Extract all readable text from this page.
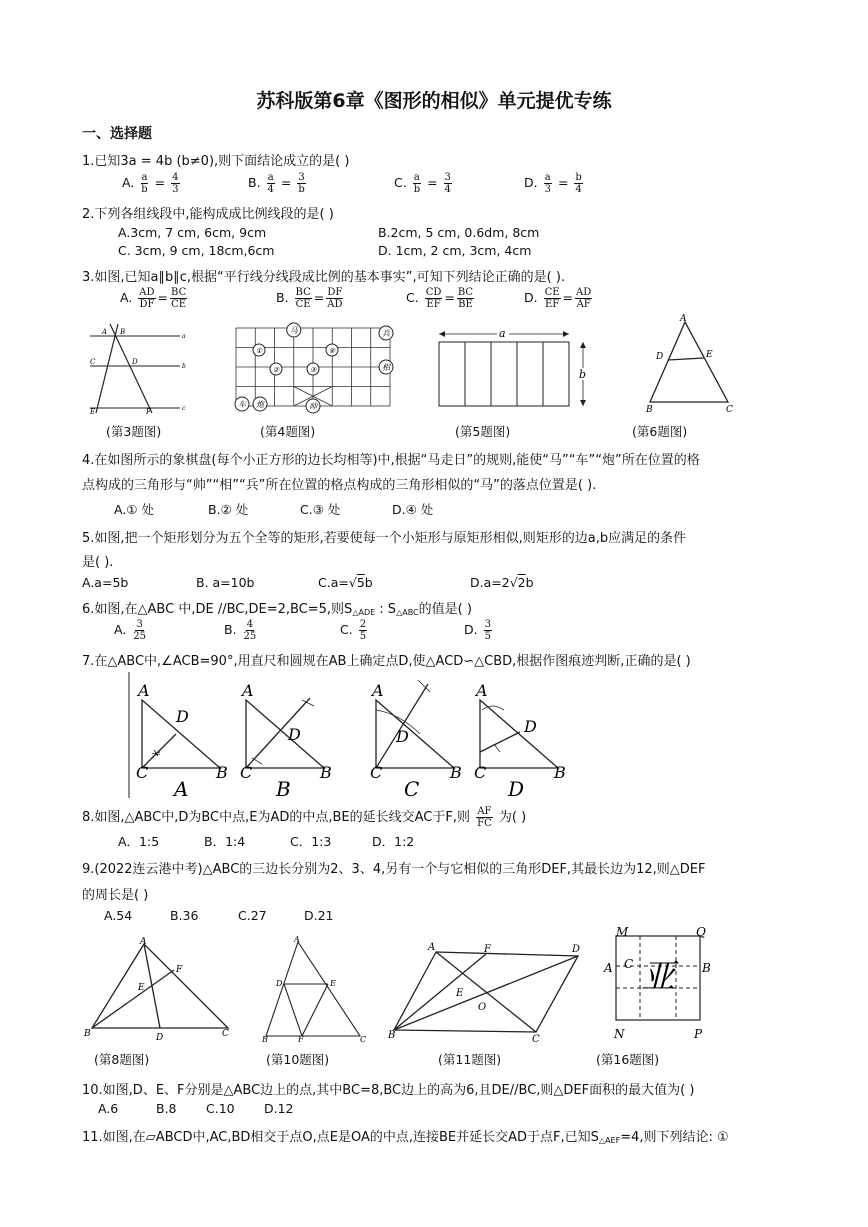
苏科版第6章《图形的相似》单元提优专练
一、选择题
1.已知3a = 4b (b≠0),则下面结论成立的是( )
A. $\frac{a}{b} = \frac{4}{3}$	B. $\frac{a}{4} = \frac{3}{b}$	C. $\frac{a}{b} = \frac{3}{4}$	D. $\frac{a}{3} = \frac{b}{4}$
2.下列各组线段中,能构成成比例线段的是( )
A.3cm, 7 cm, 6cm, 9cm	B.2cm, 5 cm, 0.6dm, 8cm
C. 3cm, 9 cm, 18cm,6cm	D. 1cm, 2 cm, 3cm, 4cm
3.如图,已知a∥b∥c,根据“平行线分线段成比例的基本事实”,可知下列结论正确的是( ).
A. $\frac{AD}{DF} = \frac{BC}{CE}$	B. $\frac{BC}{CE} = \frac{DF}{AD}$	C. $\frac{CD}{EF} = \frac{BC}{BE}$	D. $\frac{CE}{EF} = \frac{AD}{AF}$
a
b
c
A B
C	D
E	F
马	兵
相
车 炮	帅
①
②	③
④
a
b
A
D	E
B	C
(第3题图)	(第4题图)	(第5题图)	(第6题图)
4.在如图所示的象棋盘(每个小正方形的边长均相等)中,根据“马走日”的规则,能使“马”“车”“炮”所在位置的格
点构成的三角形与“帅”“相”“兵”所在位置的格点构成的三角形相似的“马”的落点位置是( ).
A.① 处	B.② 处	C.③ 处	D.④ 处
5.如图,把一个矩形划分为五个全等的矩形,若要使每一个小矩形与原矩形相似,则矩形的边a,b应满足的条件
是( ).
A.a=5b	B. a=10b	C.a=√5b	D.a=2√2b
6.如图,在△ABC 中,DE //BC,DE=2,BC=5,则$S_{\triangle ADE}$ : $S_{\triangle ABC}$的值是( )
A. $\frac{3}{25}$	B. $\frac{4}{25}$	C. $\frac{2}{5}$	D. $\frac{3}{5}$
7.在△ABC中,∠ACB=90°,用直尺和圆规在AB上确定点D,使△ACD∽△CBD,根据作图痕迹判断,正确的是( )
A
D
C	B
A
A
D
C	B
B
A
D
C	B
C
A
D
C	B
D
8.如图,△ABC中,D为BC中点,E为AD的中点,BE的延长线交AC于F,则 $\frac{AF}{FC}$ 为( )
A．1:5	B．1:4	C．1:3	D．1:2
9.(2022连云港中考)△ABC的三边长分别为2、3、4,另有一个与它相似的三角形DEF,其最长边为12,则△DEF
的周长是( )
A.54	B.36	C.27	D.21
A
F
E
B	D	C
A
D	E
B	F	C
A	F	D
E
O
B	C
亚
M	Q
A C	B
N	P
(第8题图)	(第10题图)	(第11题图)	(第16题图)
10.如图,D、E、F分别是△ABC边上的点,其中BC=8,BC边上的高为6,且DE//BC,则△DEF面积的最大值为( )
A.6	B.8 C.10 D.12
11.如图,在▱ABCD中,AC,BD相交于点O,点E是OA的中点,连接BE并延长交AD于点F,已知$S_{\triangle AEF}=4$,则下列结论: ①
